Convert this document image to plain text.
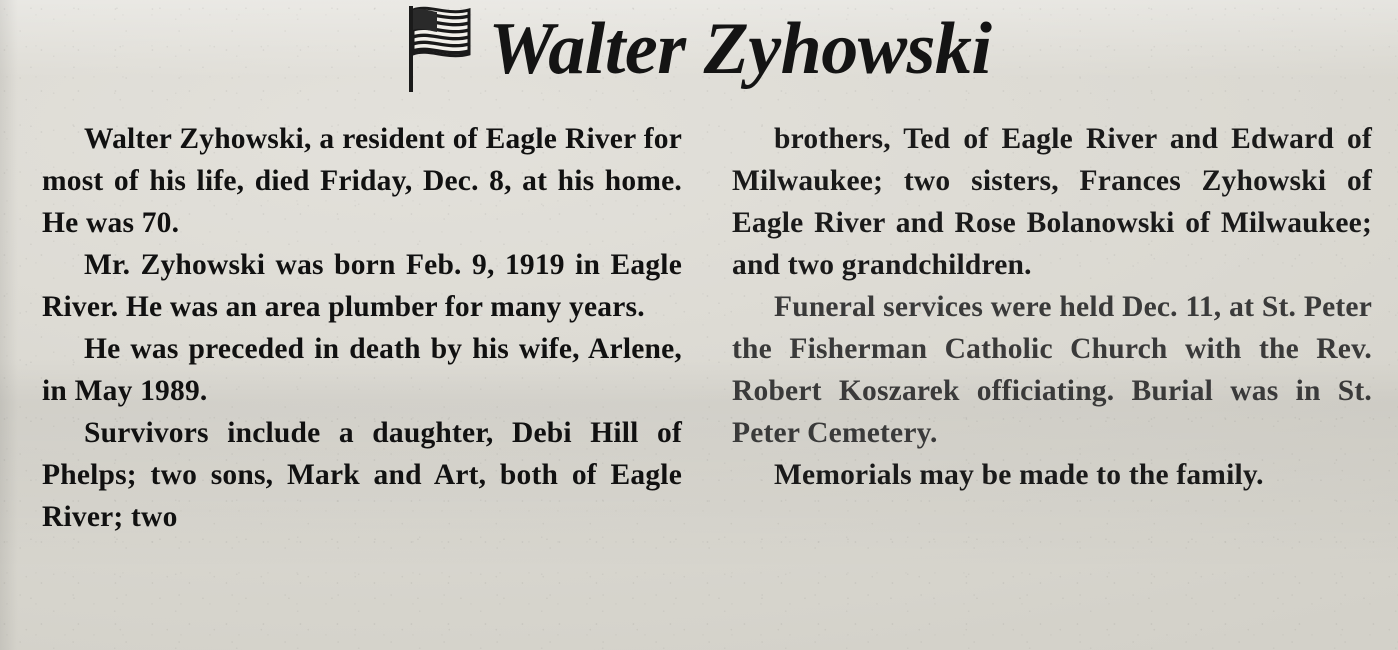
Walter Zyhowski

Walter Zyhowski, a resident of Eagle River for most of his life, died Friday, Dec. 8, at his home. He was 70.

Mr. Zyhowski was born Feb. 9, 1919 in Eagle River. He was an area plumber for many years.

He was preceded in death by his wife, Arlene, in May 1989.

Survivors include a daughter, Debi Hill of Phelps; two sons, Mark and Art, both of Eagle River; two

brothers, Ted of Eagle River and Edward of Milwaukee; two sisters, Frances Zyhowski of Eagle River and Rose Bolanowski of Milwaukee; and two grandchildren.

Funeral services were held Dec. 11, at St. Peter the Fisherman Catholic Church with the Rev. Robert Koszarek officiating. Burial was in St. Peter Cemetery.

Memorials may be made to the family.
